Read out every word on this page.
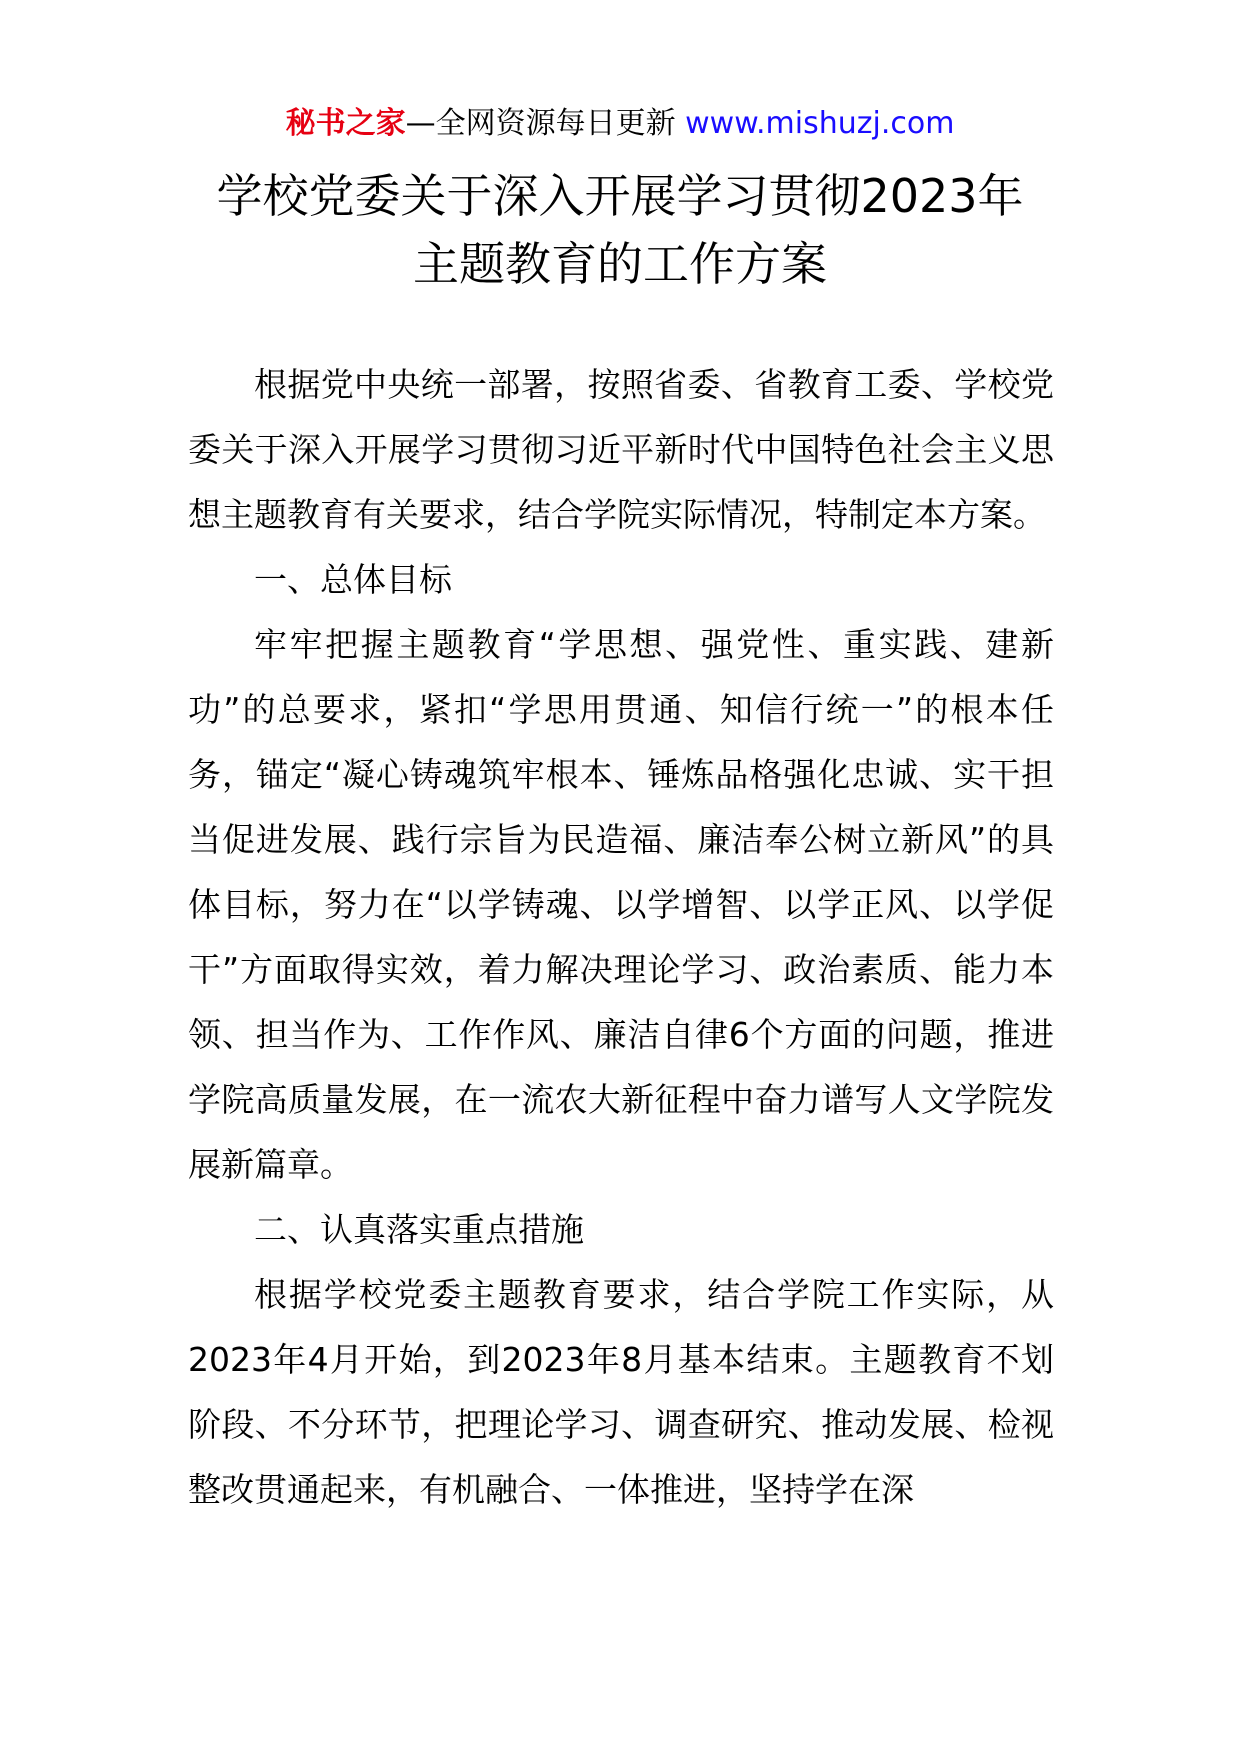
秘书之家—全网资源每日更新 www.mishuzj.com
学校党委关于深入开展学习贯彻2023年
主题教育的工作方案

根据党中央统一部署，按照省委、省教育工委、学校党委关于深入开展学习贯彻习近平新时代中国特色社会主义思想主题教育有关要求，结合学院实际情况，特制定本方案。

一、总体目标

牢牢把握主题教育“学思想、强党性、重实践、建新功”的总要求，紧扣“学思用贯通、知信行统一”的根本任务，锚定“凝心铸魂筑牢根本、锤炼品格强化忠诚、实干担当促进发展、践行宗旨为民造福、廉洁奉公树立新风”的具体目标，努力在“以学铸魂、以学增智、以学正风、以学促干”方面取得实效，着力解决理论学习、政治素质、能力本领、担当作为、工作作风、廉洁自律6个方面的问题，推进学院高质量发展，在一流农大新征程中奋力谱写人文学院发展新篇章。

二、认真落实重点措施

根据学校党委主题教育要求，结合学院工作实际，从2023年4月开始，到2023年8月基本结束。主题教育不划阶段、不分环节，把理论学习、调查研究、推动发展、检视整改贯通起来，有机融合、一体推进，坚持学在深
